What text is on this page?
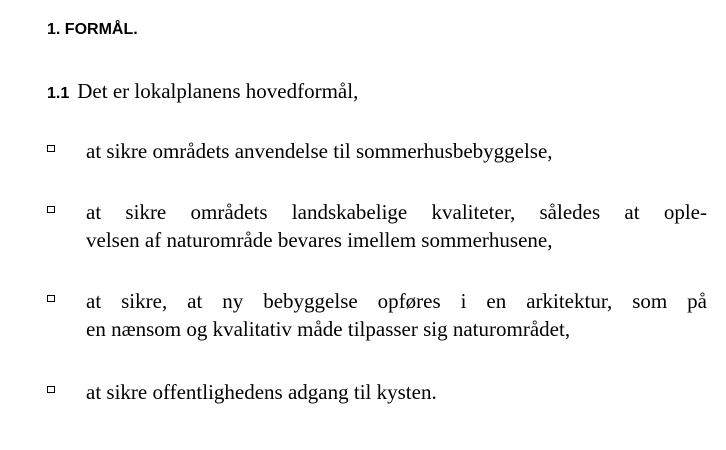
1. FORMÅL.

1.1 Det er lokalplanens hovedformål,

at sikre områdets anvendelse til sommerhusbebyggelse,
at sikre områdets landskabelige kvaliteter, således at ople-
velsen af naturområde bevares imellem sommerhusene,
at sikre, at ny bebyggelse opføres i en arkitektur, som på
en nænsom og kvalitativ måde tilpasser sig naturområdet,
at sikre offentlighedens adgang til kysten.
